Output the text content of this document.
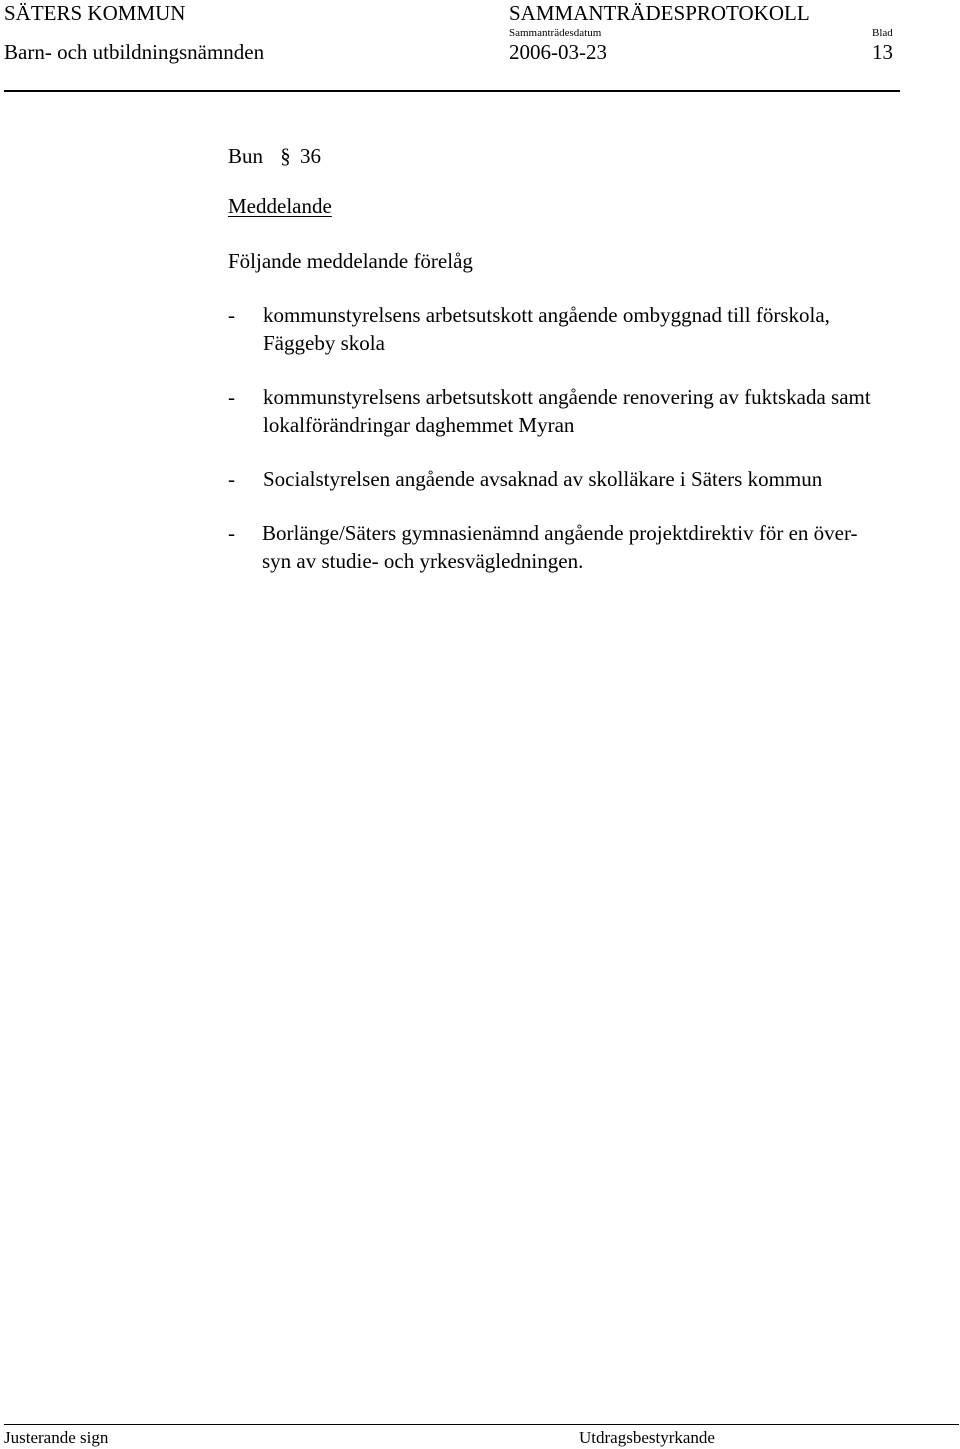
SÄTERS KOMMUN	SAMMANTRÄDESPROTOKOLL
Sammanträdesdatum	Blad
Barn- och utbildningsnämnden	2006-03-23	13
Bun § 36
Meddelande
Följande meddelande förelåg
- kommunstyrelsens arbetsutskott angående ombyggnad till förskola,
Fäggeby skola
- kommunstyrelsens arbetsutskott angående renovering av fuktskada samt
lokalförändringar daghemmet Myran
- Socialstyrelsen angående avsaknad av skolläkare i Säters kommun
- Borlänge/Säters gymnasienämnd angående projektdirektiv för en över-
syn av studie- och yrkesvägledningen.
Justerande sign	Utdragsbestyrkande
